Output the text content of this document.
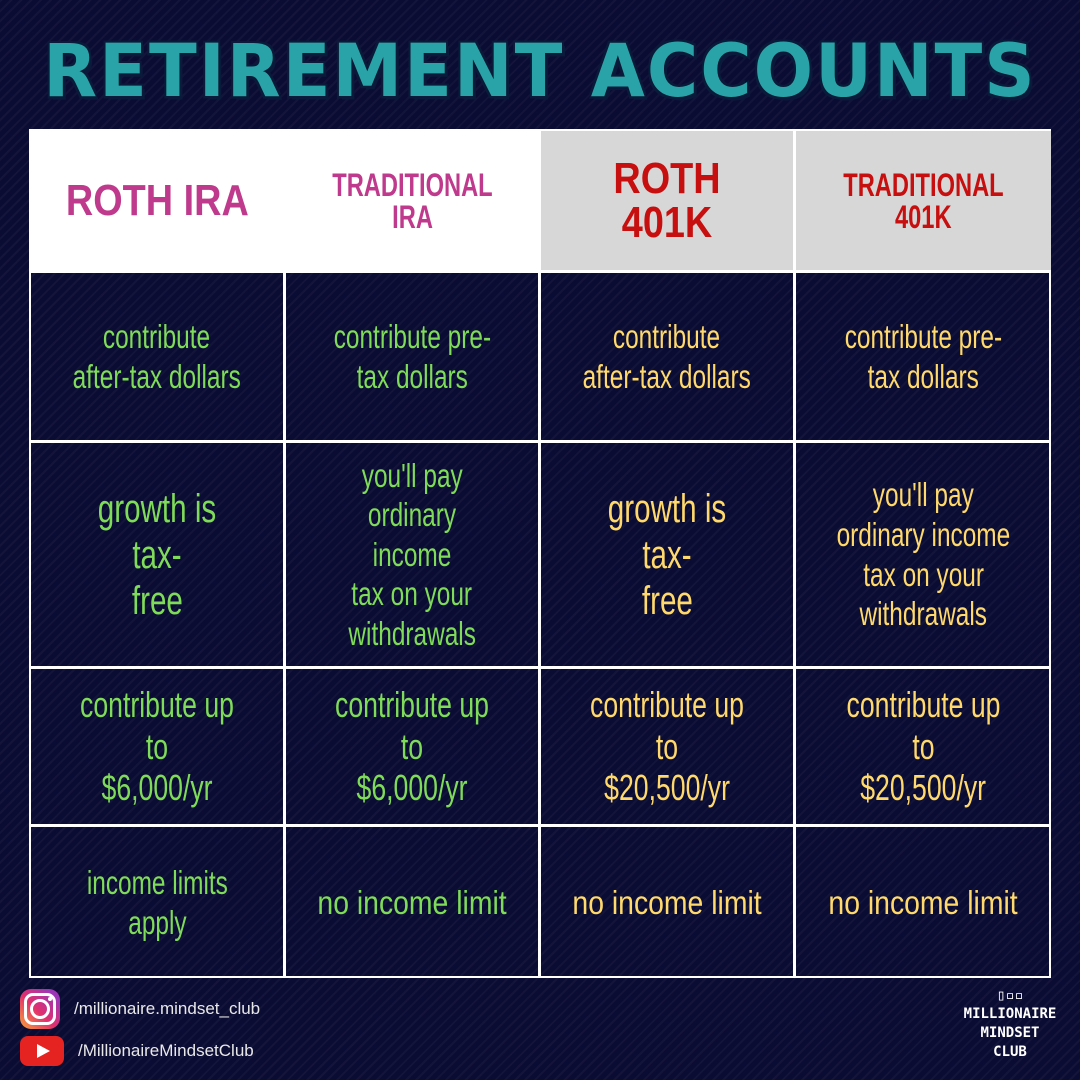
RETIREMENT ACCOUNTS
ROTH IRA	TRADITIONAL
IRA
ROTH 401K
TRADITIONAL
401K
contribute
after-tax dollars
contribute pre-
tax dollars
contribute
after-tax dollars
contribute pre-
tax dollars
growth is tax-
free
you'll pay
ordinary income
tax on your
withdrawals
growth is tax-
free
you'll pay
ordinary income
tax on your
withdrawals
contribute up to
$6,000/yr
contribute up to
$6,000/yr
contribute up to
$20,500/yr
contribute up to
$20,500/yr
income limits
apply
no income limit no income limit no income limit
/millionaire.mindset_club
/MillionaireMindsetClub
▯▫▫
MILLIONAIRE
MINDSET
CLUB
